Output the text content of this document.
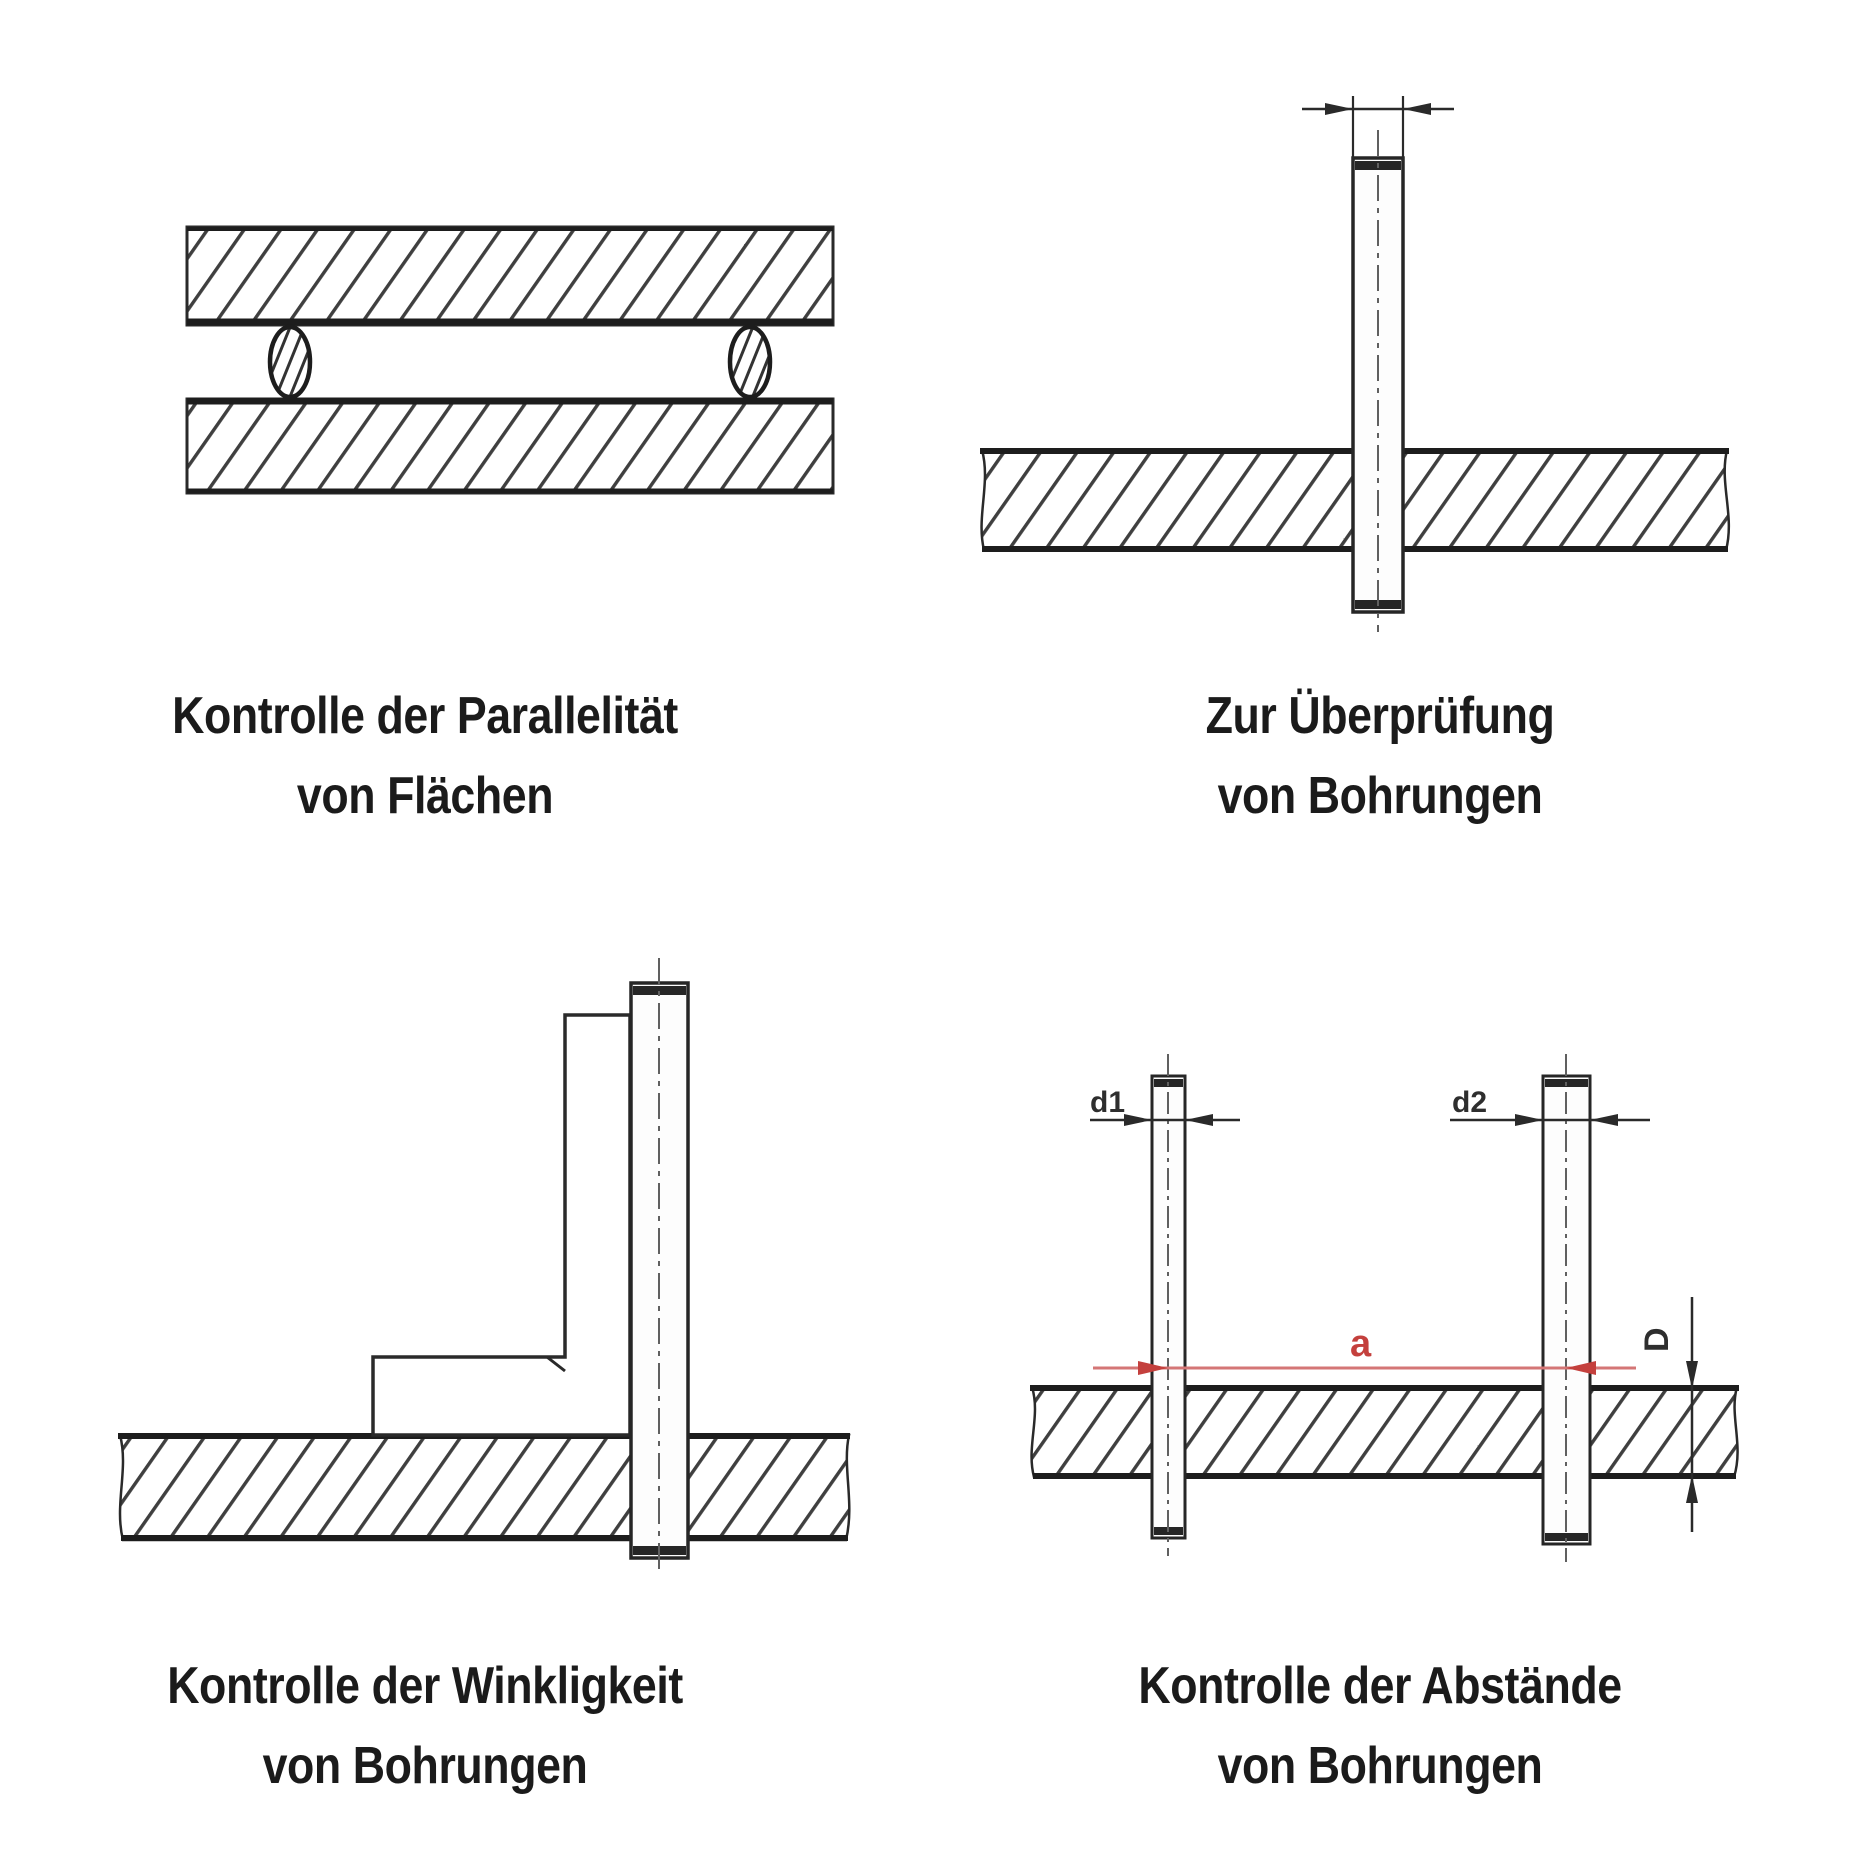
d1	d2
a	D
Kontrolle der Parallelität
von Flächen
Zur Überprüfung
von Bohrungen
Kontrolle der Winkligkeit
von Bohrungen
Kontrolle der Abstände
von Bohrungen
